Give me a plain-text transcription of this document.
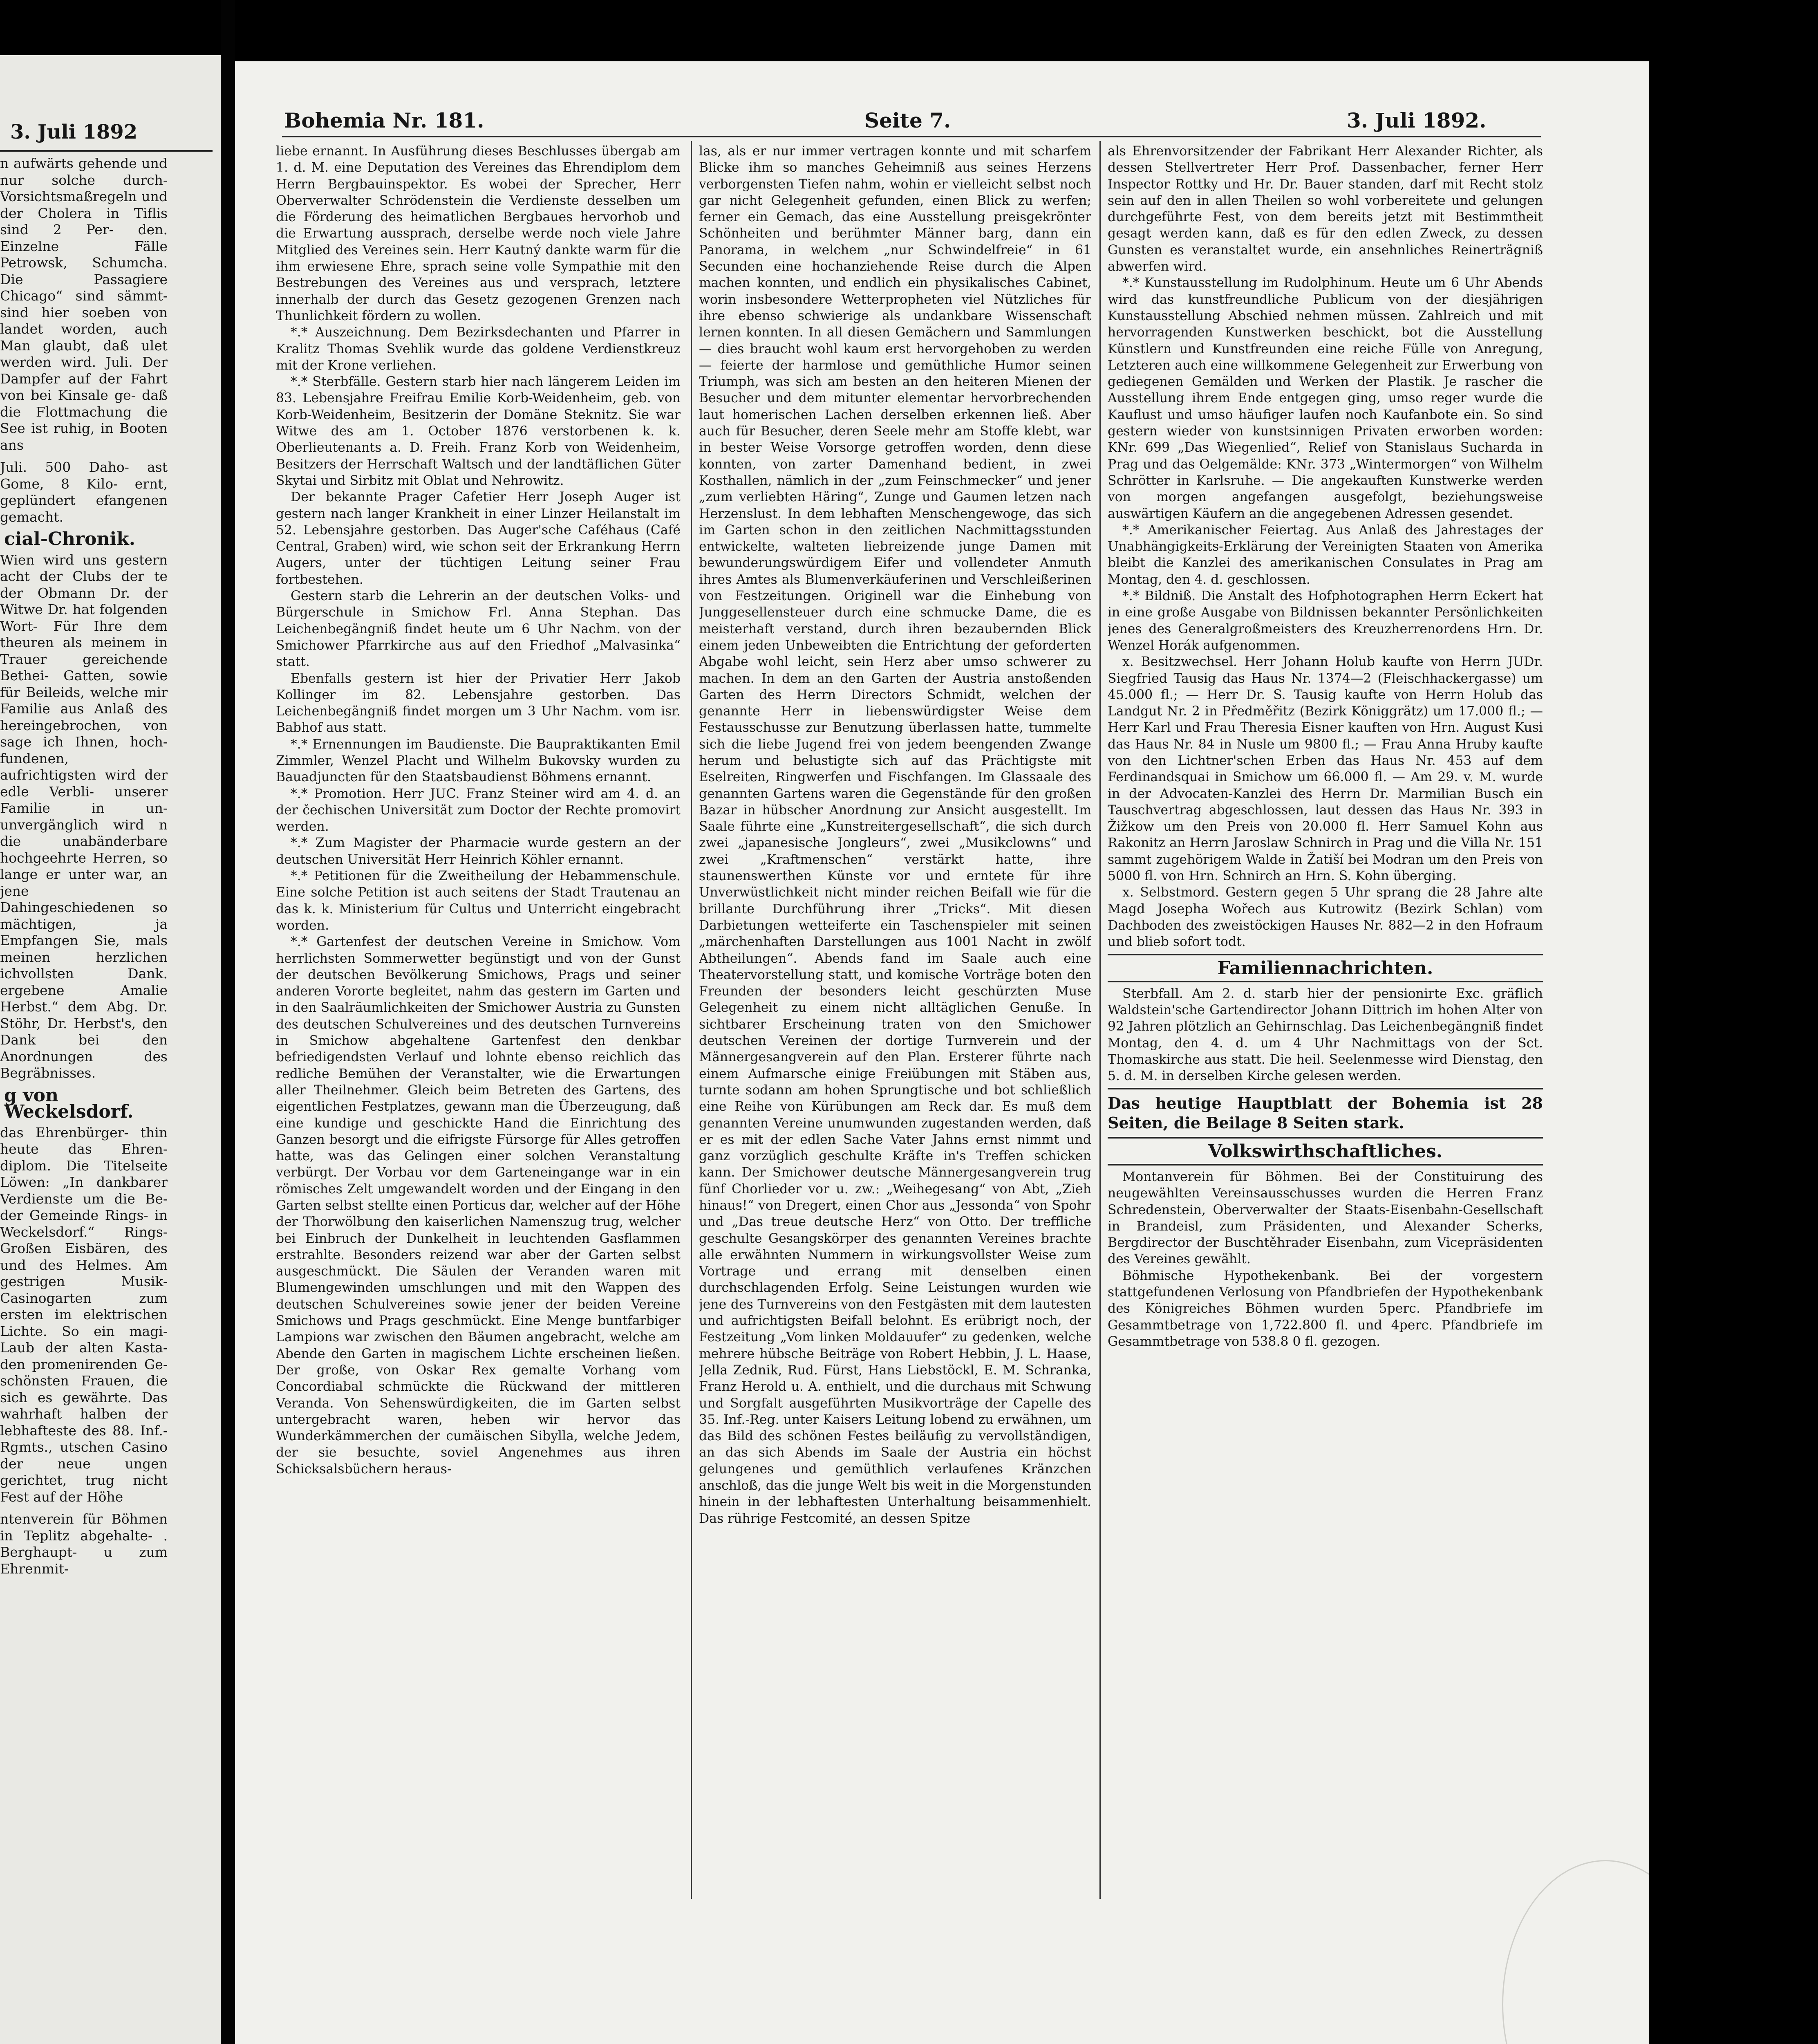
3. Juli 1892

n aufwärts gehende und nur solche durch- Vorsichtsmaßregeln und der Cholera in Tiflis sind 2 Per- den. Einzelne Fälle Petrowsk, Schumcha. Die Passagiere Chicago“ sind sämmt- sind hier soeben von landet worden, auch Man glaubt, daß ulet werden wird. Juli. Der Dampfer auf der Fahrt von bei Kinsale ge- daß die Flottmachung die See ist ruhig, in Booten ans

Juli. 500 Daho- ast Gome, 8 Kilo- ernt, geplündert efangenen gemacht.

cial-Chronik.

Wien wird uns gestern acht der Clubs der te der Obmann Dr. der Witwe Dr. hat folgenden Wort- Für Ihre dem theuren als meinem in Trauer gereichende Bethei- Gatten, sowie für Beileids, welche mir Familie aus Anlaß des hereingebrochen, von sage ich Ihnen, hoch- fundenen, aufrichtigsten wird der edle Verbli- unserer Familie in un- unvergänglich wird n die unabänderbare hochgeehrte Herren, so lange er unter war, an jene Dahingeschiedenen so mächtigen, ja Empfangen Sie, mals meinen herzlichen ichvollsten Dank. ergebene Amalie Herbst.“ dem Abg. Dr. Stöhr, Dr. Herbst's, den Dank bei den Anordnungen des Begräbnisses.

g von Weckelsdorf.

das Ehrenbürger- thin heute das Ehren- diplom. Die Titelseite Löwen: „In dankbarer Verdienste um die Be- der Gemeinde Rings- in Weckelsdorf.“ Rings- Großen Eisbären, des und des Helmes. Am gestrigen Musik- Casinogarten zum ersten im elektrischen Lichte. So ein magi- Laub der alten Kasta- den promenirenden Ge- schönsten Frauen, die sich es gewährte. Das wahrhaft halben der lebhafteste des 88. Inf.-Rgmts., utschen Casino der neue ungen gerichtet, trug nicht Fest auf der Höhe

ntenverein für Böhmen in Teplitz abgehalte- . Berghaupt- u zum Ehrenmit-

Bohemia Nr. 181.	Seite 7.	3. Juli 1892.

liebe ernannt. In Ausführung dieses Beschlusses übergab am 1. d. M. eine Deputation des Vereines das Ehrendiplom dem Herrn Bergbauinspektor. Es wobei der Sprecher, Herr Oberverwalter Schrödenstein die Verdienste desselben um die Förderung des heimatlichen Bergbaues hervorhob und die Erwartung aussprach, derselbe werde noch viele Jahre Mitglied des Vereines sein. Herr Kautný dankte warm für die ihm erwiesene Ehre, sprach seine volle Sympathie mit den Bestrebungen des Vereines aus und versprach, letztere innerhalb der durch das Gesetz gezogenen Grenzen nach Thunlichkeit fördern zu wollen.

*.* Auszeichnung. Dem Bezirksdechanten und Pfarrer in Kralitz Thomas Svehlik wurde das goldene Verdienstkreuz mit der Krone verliehen.

*.* Sterbfälle. Gestern starb hier nach längerem Leiden im 83. Lebensjahre Freifrau Emilie Korb-Weidenheim, geb. von Korb-Weidenheim, Besitzerin der Domäne Steknitz. Sie war Witwe des am 1. October 1876 verstorbenen k. k. Oberlieutenants a. D. Freih. Franz Korb von Weidenheim, Besitzers der Herrschaft Waltsch und der landtäflichen Güter Skytai und Sirbitz mit Oblat und Nehrowitz.

Der bekannte Prager Cafetier Herr Joseph Auger ist gestern nach langer Krankheit in einer Linzer Heilanstalt im 52. Lebensjahre gestorben. Das Auger'sche Caféhaus (Café Central, Graben) wird, wie schon seit der Erkrankung Herrn Augers, unter der tüchtigen Leitung seiner Frau fortbestehen.

Gestern starb die Lehrerin an der deutschen Volks- und Bürgerschule in Smichow Frl. Anna Stephan. Das Leichenbegängniß findet heute um 6 Uhr Nachm. von der Smichower Pfarrkirche aus auf den Friedhof „Malvasinka“ statt.

Ebenfalls gestern ist hier der Privatier Herr Jakob Kollinger im 82. Lebensjahre gestorben. Das Leichenbegängniß findet morgen um 3 Uhr Nachm. vom isr. Babhof aus statt.

*.* Ernennungen im Baudienste. Die Baupraktikanten Emil Zimmler, Wenzel Placht und Wilhelm Bukovsky wurden zu Bauadjuncten für den Staatsbaudienst Böhmens ernannt.

*.* Promotion. Herr JUC. Franz Steiner wird am 4. d. an der čechischen Universität zum Doctor der Rechte promovirt werden.

*.* Zum Magister der Pharmacie wurde gestern an der deutschen Universität Herr Heinrich Köhler ernannt.

*.* Petitionen für die Zweitheilung der Hebammenschule. Eine solche Petition ist auch seitens der Stadt Trautenau an das k. k. Ministerium für Cultus und Unterricht eingebracht worden.

*.* Gartenfest der deutschen Vereine in Smichow. Vom herrlichsten Sommerwetter begünstigt und von der Gunst der deutschen Bevölkerung Smichows, Prags und seiner anderen Vororte begleitet, nahm das gestern im Garten und in den Saalräumlichkeiten der Smichower Austria zu Gunsten des deutschen Schulvereines und des deutschen Turnvereins in Smichow abgehaltene Gartenfest den denkbar befriedigendsten Verlauf und lohnte ebenso reichlich das redliche Bemühen der Veranstalter, wie die Erwartungen aller Theilnehmer. Gleich beim Betreten des Gartens, des eigentlichen Festplatzes, gewann man die Überzeugung, daß eine kundige und geschickte Hand die Einrichtung des Ganzen besorgt und die eifrigste Fürsorge für Alles getroffen hatte, was das Gelingen einer solchen Veranstaltung verbürgt. Der Vorbau vor dem Garteneingange war in ein römisches Zelt umgewandelt worden und der Eingang in den Garten selbst stellte einen Porticus dar, welcher auf der Höhe der Thorwölbung den kaiserlichen Namenszug trug, welcher bei Einbruch der Dunkelheit in leuchtenden Gasflammen erstrahlte. Besonders reizend war aber der Garten selbst ausgeschmückt. Die Säulen der Veranden waren mit Blumengewinden umschlungen und mit den Wappen des deutschen Schulvereines sowie jener der beiden Vereine Smichows und Prags geschmückt. Eine Menge buntfarbiger Lampions war zwischen den Bäumen angebracht, welche am Abende den Garten in magischem Lichte erscheinen ließen. Der große, von Oskar Rex gemalte Vorhang vom Concordiabal schmückte die Rückwand der mittleren Veranda. Von Sehenswürdigkeiten, die im Garten selbst untergebracht waren, heben wir hervor das Wunderkämmerchen der cumäischen Sibylla, welche Jedem, der sie besuchte, soviel Angenehmes aus ihren Schicksalsbüchern heraus-

las, als er nur immer vertragen konnte und mit scharfem Blicke ihm so manches Geheimniß aus seines Herzens verborgensten Tiefen nahm, wohin er vielleicht selbst noch gar nicht Gelegenheit gefunden, einen Blick zu werfen; ferner ein Gemach, das eine Ausstellung preisgekrönter Schönheiten und berühmter Männer barg, dann ein Panorama, in welchem „nur Schwindelfreie“ in 61 Secunden eine hochanziehende Reise durch die Alpen machen konnten, und endlich ein physikalisches Cabinet, worin insbesondere Wetterpropheten viel Nützliches für ihre ebenso schwierige als undankbare Wissenschaft lernen konnten. In all diesen Gemächern und Sammlungen — dies braucht wohl kaum erst hervorgehoben zu werden — feierte der harmlose und gemüthliche Humor seinen Triumph, was sich am besten an den heiteren Mienen der Besucher und dem mitunter elementar hervorbrechenden laut homerischen Lachen derselben erkennen ließ. Aber auch für Besucher, deren Seele mehr am Stoffe klebt, war in bester Weise Vorsorge getroffen worden, denn diese konnten, von zarter Damenhand bedient, in zwei Kosthallen, nämlich in der „zum Feinschmecker“ und jener „zum verliebten Häring“, Zunge und Gaumen letzen nach Herzenslust. In dem lebhaften Menschengewoge, das sich im Garten schon in den zeitlichen Nachmittagsstunden entwickelte, walteten liebreizende junge Damen mit bewunderungswürdigem Eifer und vollendeter Anmuth ihres Amtes als Blumenverkäuferinen und Verschleißerinen von Festzeitungen. Originell war die Einhebung von Junggesellensteuer durch eine schmucke Dame, die es meisterhaft verstand, durch ihren bezaubernden Blick einem jeden Unbeweibten die Entrichtung der geforderten Abgabe wohl leicht, sein Herz aber umso schwerer zu machen. In dem an den Garten der Austria anstoßenden Garten des Herrn Directors Schmidt, welchen der genannte Herr in liebenswürdigster Weise dem Festausschusse zur Benutzung überlassen hatte, tummelte sich die liebe Jugend frei von jedem beengenden Zwange herum und belustigte sich auf das Prächtigste mit Eselreiten, Ringwerfen und Fischfangen. Im Glassaale des genannten Gartens waren die Gegenstände für den großen Bazar in hübscher Anordnung zur Ansicht ausgestellt. Im Saale führte eine „Kunstreitergesellschaft“, die sich durch zwei „japanesische Jongleurs“, zwei „Musikclowns“ und zwei „Kraftmenschen“ verstärkt hatte, ihre staunenswerthen Künste vor und erntete für ihre Unverwüstlichkeit nicht minder reichen Beifall wie für die brillante Durchführung ihrer „Tricks“. Mit diesen Darbietungen wetteiferte ein Taschenspieler mit seinen „märchenhaften Darstellungen aus 1001 Nacht in zwölf Abtheilungen“. Abends fand im Saale auch eine Theatervorstellung statt, und komische Vorträge boten den Freunden der besonders leicht geschürzten Muse Gelegenheit zu einem nicht alltäglichen Genuße. In sichtbarer Erscheinung traten von den Smichower deutschen Vereinen der dortige Turnverein und der Männergesangverein auf den Plan. Ersterer führte nach einem Aufmarsche einige Freiübungen mit Stäben aus, turnte sodann am hohen Sprungtische und bot schließlich eine Reihe von Kürübungen am Reck dar. Es muß dem genannten Vereine unumwunden zugestanden werden, daß er es mit der edlen Sache Vater Jahns ernst nimmt und ganz vorzüglich geschulte Kräfte in's Treffen schicken kann. Der Smichower deutsche Männergesangverein trug fünf Chorlieder vor u. zw.: „Weihegesang“ von Abt, „Zieh hinaus!“ von Dregert, einen Chor aus „Jessonda“ von Spohr und „Das treue deutsche Herz“ von Otto. Der treffliche geschulte Gesangskörper des genannten Vereines brachte alle erwähnten Nummern in wirkungsvollster Weise zum Vortrage und errang mit denselben einen durchschlagenden Erfolg. Seine Leistungen wurden wie jene des Turnvereins von den Festgästen mit dem lautesten und aufrichtigsten Beifall belohnt. Es erübrigt noch, der Festzeitung „Vom linken Moldauufer“ zu gedenken, welche mehrere hübsche Beiträge von Robert Hebbin, J. L. Haase, Jella Zednik, Rud. Fürst, Hans Liebstöckl, E. M. Schranka, Franz Herold u. A. enthielt, und die durchaus mit Schwung und Sorgfalt ausgeführten Musikvorträge der Capelle des 35. Inf.-Reg. unter Kaisers Leitung lobend zu erwähnen, um das Bild des schönen Festes beiläufig zu vervollständigen, an das sich Abends im Saale der Austria ein höchst gelungenes und gemüthlich verlaufenes Kränzchen anschloß, das die junge Welt bis weit in die Morgenstunden hinein in der lebhaftesten Unterhaltung beisammenhielt. Das rührige Festcomité, an dessen Spitze

als Ehrenvorsitzender der Fabrikant Herr Alexander Richter, als dessen Stellvertreter Herr Prof. Dassenbacher, ferner Herr Inspector Rottky und Hr. Dr. Bauer standen, darf mit Recht stolz sein auf den in allen Theilen so wohl vorbereitete und gelungen durchgeführte Fest, von dem bereits jetzt mit Bestimmtheit gesagt werden kann, daß es für den edlen Zweck, zu dessen Gunsten es veranstaltet wurde, ein ansehnliches Reinerträgniß abwerfen wird.

*.* Kunstausstellung im Rudolphinum. Heute um 6 Uhr Abends wird das kunstfreundliche Publicum von der diesjährigen Kunstausstellung Abschied nehmen müssen. Zahlreich und mit hervorragenden Kunstwerken beschickt, bot die Ausstellung Künstlern und Kunstfreunden eine reiche Fülle von Anregung, Letzteren auch eine willkommene Gelegenheit zur Erwerbung von gediegenen Gemälden und Werken der Plastik. Je rascher die Ausstellung ihrem Ende entgegen ging, umso reger wurde die Kauflust und umso häufiger laufen noch Kaufanbote ein. So sind gestern wieder von kunstsinnigen Privaten erworben worden: KNr. 699 „Das Wiegenlied“, Relief von Stanislaus Sucharda in Prag und das Oelgemälde: KNr. 373 „Wintermorgen“ von Wilhelm Schrötter in Karlsruhe. — Die angekauften Kunstwerke werden von morgen angefangen ausgefolgt, beziehungsweise auswärtigen Käufern an die angegebenen Adressen gesendet.

*.* Amerikanischer Feiertag. Aus Anlaß des Jahrestages der Unabhängigkeits-Erklärung der Vereinigten Staaten von Amerika bleibt die Kanzlei des amerikanischen Consulates in Prag am Montag, den 4. d. geschlossen.

*.* Bildniß. Die Anstalt des Hofphotographen Herrn Eckert hat in eine große Ausgabe von Bildnissen bekannter Persönlichkeiten jenes des Generalgroßmeisters des Kreuzherrenordens Hrn. Dr. Wenzel Horák aufgenommen.

x. Besitzwechsel. Herr Johann Holub kaufte von Herrn JUDr. Siegfried Tausig das Haus Nr. 1374—2 (Fleischhackergasse) um 45.000 fl.; — Herr Dr. S. Tausig kaufte von Herrn Holub das Landgut Nr. 2 in Předměřitz (Bezirk Königgrätz) um 17.000 fl.; — Herr Karl und Frau Theresia Eisner kauften von Hrn. August Kusi das Haus Nr. 84 in Nusle um 9800 fl.; — Frau Anna Hruby kaufte von den Lichtner'schen Erben das Haus Nr. 453 auf dem Ferdinandsquai in Smichow um 66.000 fl. — Am 29. v. M. wurde in der Advocaten-Kanzlei des Herrn Dr. Marmilian Busch ein Tauschvertrag abgeschlossen, laut dessen das Haus Nr. 393 in Žižkow um den Preis von 20.000 fl. Herr Samuel Kohn aus Rakonitz an Herrn Jaroslaw Schnirch in Prag und die Villa Nr. 151 sammt zugehörigem Walde in Žatiší bei Modran um den Preis von 5000 fl. von Hrn. Schnirch an Hrn. S. Kohn überging.

x. Selbstmord. Gestern gegen 5 Uhr sprang die 28 Jahre alte Magd Josepha Wořech aus Kutrowitz (Bezirk Schlan) vom Dachboden des zweistöckigen Hauses Nr. 882—2 in den Hofraum und blieb sofort todt.

Familiennachrichten.

Sterbfall. Am 2. d. starb hier der pensionirte Exc. gräflich Waldstein'sche Gartendirector Johann Dittrich im hohen Alter von 92 Jahren plötzlich an Gehirnschlag. Das Leichenbegängniß findet Montag, den 4. d. um 4 Uhr Nachmittags von der Sct. Thomaskirche aus statt. Die heil. Seelenmesse wird Dienstag, den 5. d. M. in derselben Kirche gelesen werden.

Das heutige Hauptblatt der Bohemia ist 28 Seiten, die Beilage 8 Seiten stark.
Volkswirthschaftliches.

Montanverein für Böhmen. Bei der Constituirung des neugewählten Vereinsausschusses wurden die Herren Franz Schredenstein, Oberverwalter der Staats-Eisenbahn-Gesellschaft in Brandeisl, zum Präsidenten, und Alexander Scherks, Bergdirector der Buschtěhrader Eisenbahn, zum Vicepräsidenten des Vereines gewählt.

Böhmische Hypothekenbank. Bei der vorgestern stattgefundenen Verlosung von Pfandbriefen der Hypothekenbank des Königreiches Böhmen wurden 5perc. Pfandbriefe im Gesammtbetrage von 1,722.800 fl. und 4perc. Pfandbriefe im Gesammtbetrage von 538.8 0 fl. gezogen.
